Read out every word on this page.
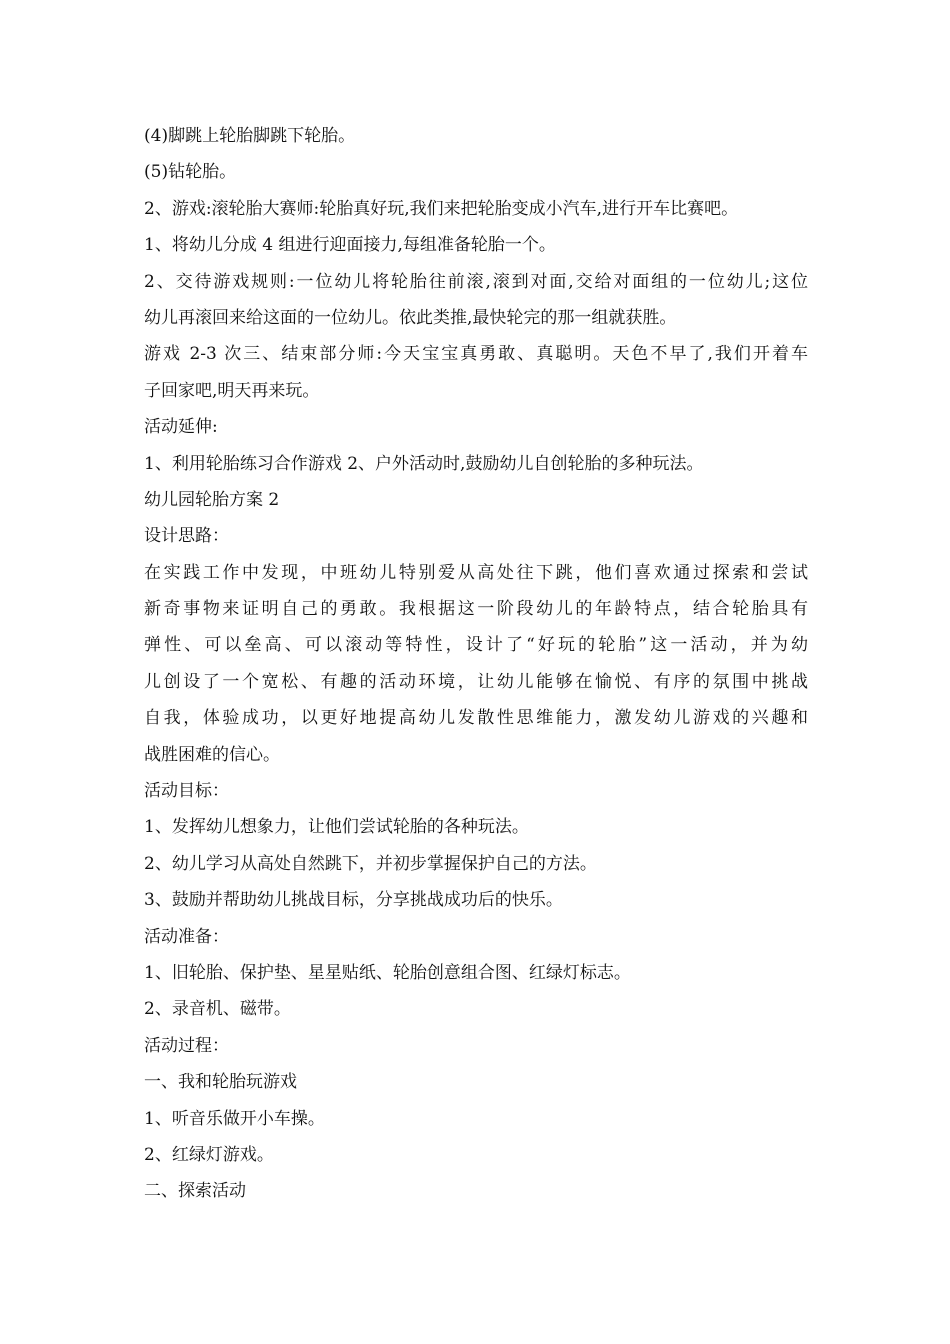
(4)脚跳上轮胎脚跳下轮胎。
(5)钻轮胎。
2、游戏:滚轮胎大赛师:轮胎真好玩,我们来把轮胎变成小汽车,进行开车比赛吧。
1、将幼儿分成 4 组进行迎面接力,每组准备轮胎一个。
2、交待游戏规则:一位幼儿将轮胎往前滚,滚到对面,交给对面组的一位幼儿;这位
幼儿再滚回来给这面的一位幼儿。依此类推,最快轮完的那一组就获胜。
游戏 2-3 次三、结束部分师:今天宝宝真勇敢、真聪明。天色不早了,我们开着车
子回家吧,明天再来玩。
活动延伸:
1、利用轮胎练习合作游戏 2、户外活动时,鼓励幼儿自创轮胎的多种玩法。
幼儿园轮胎方案 2
设计思路：
在实践工作中发现，中班幼儿特别爱从高处往下跳，他们喜欢通过探索和尝试
新奇事物来证明自己的勇敢。我根据这一阶段幼儿的年龄特点，结合轮胎具有
弹性、可以垒高、可以滚动等特性，设计了“好玩的轮胎”这一活动，并为幼
儿创设了一个宽松、有趣的活动环境，让幼儿能够在愉悦、有序的氛围中挑战
自我，体验成功，以更好地提高幼儿发散性思维能力，激发幼儿游戏的兴趣和
战胜困难的信心。
活动目标：
1、发挥幼儿想象力，让他们尝试轮胎的各种玩法。
2、幼儿学习从高处自然跳下，并初步掌握保护自己的方法。
3、鼓励并帮助幼儿挑战目标，分享挑战成功后的快乐。
活动准备：
1、旧轮胎、保护垫、星星贴纸、轮胎创意组合图、红绿灯标志。
2、录音机、磁带。
活动过程：
一、我和轮胎玩游戏
1、听音乐做开小车操。
2、红绿灯游戏。
二、探索活动
